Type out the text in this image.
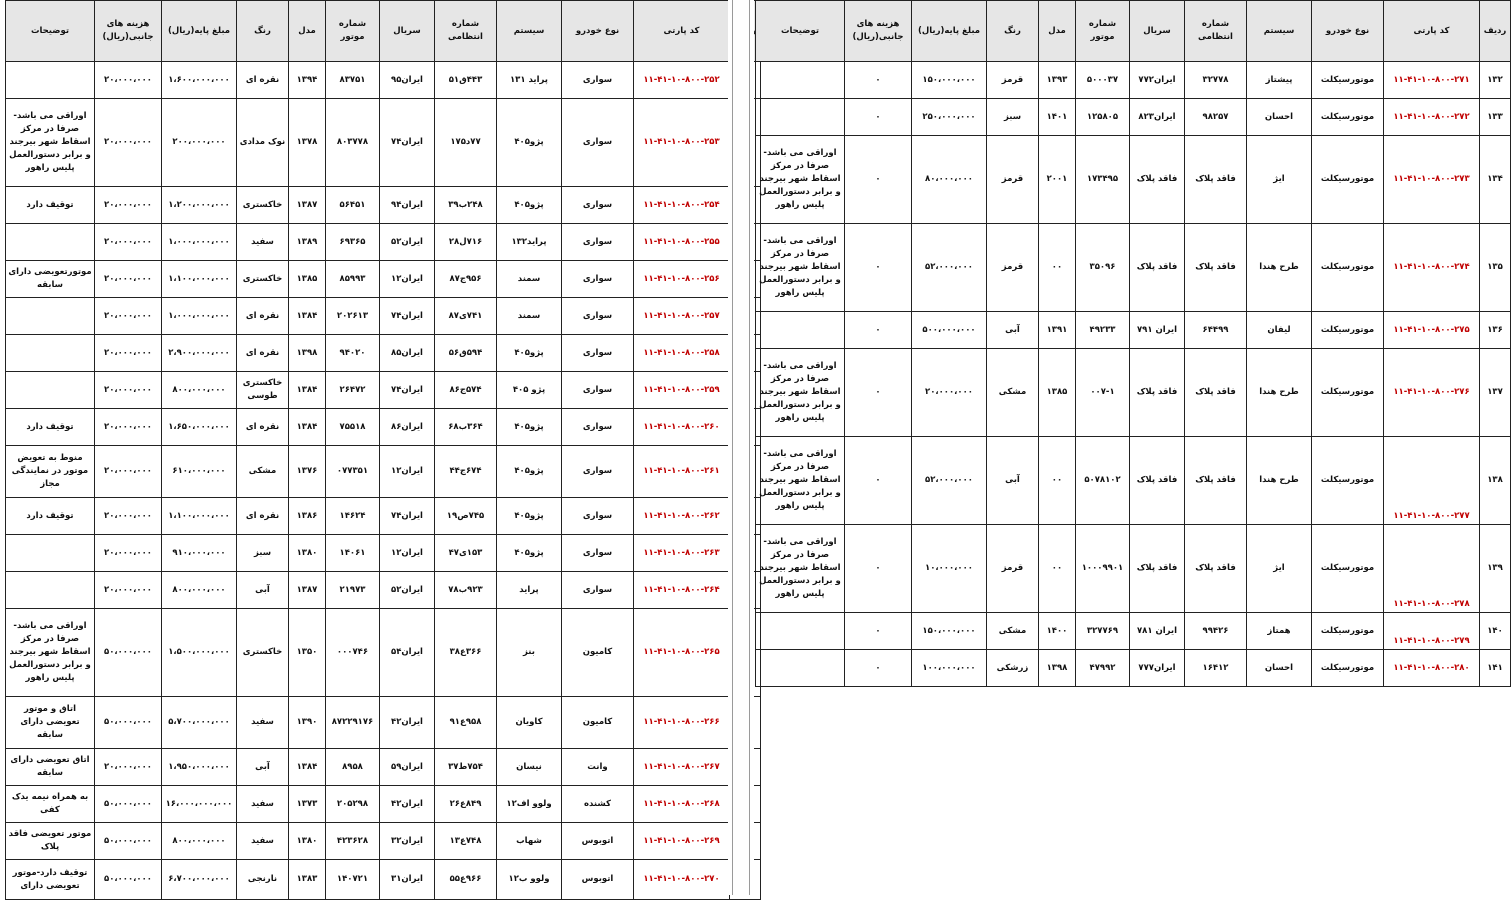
	کد پارتی	نوع خودرو	سیستم	شماره انتظامی	سریال	شماره موتور	مدل	رنگ	مبلغ پایه(ریال)	هزینه های جانبی(ریال)	توضیحات
	۱۱-۴۱-۱۰-۸۰۰-۲۵۲	سواری	پراید ۱۳۱	۴۴۳ق۵۱	ایران۹۵	۸۳۷۵۱	۱۳۹۴	نقره ای	۱،۶۰۰،۰۰۰،۰۰۰	۲۰،۰۰۰،۰۰۰	
	۱۱-۴۱-۱۰-۸۰۰-۲۵۳	سواری	پژو۴۰۵	۷۷د۱۷۵	ایران۷۴	۸۰۳۷۷۸	۱۳۷۸	نوک مدادی	۲۰۰،۰۰۰،۰۰۰	۲۰،۰۰۰،۰۰۰	اوراقی می باشد- صرفا در مرکز اسقاط شهر بیرجند و برابر دستورالعمل پلیس راهور
	۱۱-۴۱-۱۰-۸۰۰-۲۵۴	سواری	پژو۴۰۵	۲۴۸ب۳۹	ایران۹۴	۵۶۴۵۱	۱۳۸۷	خاکستری	۱،۲۰۰،۰۰۰،۰۰۰	۲۰،۰۰۰،۰۰۰	توقیف دارد
	۱۱-۴۱-۱۰-۸۰۰-۲۵۵	سواری	پراید۱۳۲	۷۱۶ل۲۸	ایران۵۲	۶۹۳۶۵	۱۳۸۹	سفید	۱،۰۰۰،۰۰۰،۰۰۰	۲۰،۰۰۰،۰۰۰	
	۱۱-۴۱-۱۰-۸۰۰-۲۵۶	سواری	سمند	۹۵۶ج۸۷	ایران۱۲	۸۵۹۹۳	۱۳۸۵	خاکستری	۱،۱۰۰،۰۰۰،۰۰۰	۲۰،۰۰۰،۰۰۰	موتورتعویضی دارای سابقه
	۱۱-۴۱-۱۰-۸۰۰-۲۵۷	سواری	سمند	۷۴۱ی۸۷	ایران۷۴	۲۰۲۶۱۳	۱۳۸۴	نقره ای	۱،۰۰۰،۰۰۰،۰۰۰	۲۰،۰۰۰،۰۰۰	
	۱۱-۴۱-۱۰-۸۰۰-۲۵۸	سواری	پژو۴۰۵	۵۹۴ق۵۶	ایران۸۵	۹۴۰۲۰	۱۳۹۸	نقره ای	۲،۹۰۰،۰۰۰،۰۰۰	۲۰،۰۰۰،۰۰۰	
	۱۱-۴۱-۱۰-۸۰۰-۲۵۹	سواری	پژو ۴۰۵	۵۷۴ج۸۶	ایران۷۴	۲۶۴۷۲	۱۳۸۴	خاکستری طوسی	۸۰۰،۰۰۰،۰۰۰	۲۰،۰۰۰،۰۰۰	
	۱۱-۴۱-۱۰-۸۰۰-۲۶۰	سواری	پژو۴۰۵	۳۶۴ب۶۸	ایران۸۶	۷۵۵۱۸	۱۳۸۴	نقره ای	۱،۶۵۰،۰۰۰،۰۰۰	۲۰،۰۰۰،۰۰۰	توقیف دارد
	۱۱-۴۱-۱۰-۸۰۰-۲۶۱	سواری	پژو۴۰۵	۶۷۴ج۴۴	ایران۱۲	۰۷۷۳۵۱	۱۳۷۶	مشکی	۶۱۰،۰۰۰،۰۰۰	۲۰،۰۰۰،۰۰۰	منوط به تعویض موتور در نمایندگی مجاز
	۱۱-۴۱-۱۰-۸۰۰-۲۶۲	سواری	پژو۴۰۵	۷۴۵ص۱۹	ایران۷۴	۱۴۶۲۴	۱۳۸۶	نقره ای	۱،۱۰۰،۰۰۰،۰۰۰	۲۰،۰۰۰،۰۰۰	توقیف دارد
	۱۱-۴۱-۱۰-۸۰۰-۲۶۳	سواری	پژو۴۰۵	۱۵۳ی۴۷	ایران۱۲	۱۴۰۶۱	۱۳۸۰	سبز	۹۱۰،۰۰۰،۰۰۰	۲۰،۰۰۰،۰۰۰	
	۱۱-۴۱-۱۰-۸۰۰-۲۶۴	سواری	پراید	۹۲۳ب۷۸	ایران۵۲	۲۱۹۷۳	۱۳۸۷	آبی	۸۰۰،۰۰۰،۰۰۰	۲۰،۰۰۰،۰۰۰	
	۱۱-۴۱-۱۰-۸۰۰-۲۶۵	کامیون	بنز	۳۶۶ع۳۸	ایران۵۴	۰۰۰۷۴۶	۱۳۵۰	خاکستری	۱،۵۰۰،۰۰۰،۰۰۰	۵۰،۰۰۰،۰۰۰	اوراقی می باشد- صرفا در مرکز اسقاط شهر بیرجند و برابر دستورالعمل پلیس راهور
	۱۱-۴۱-۱۰-۸۰۰-۲۶۶	کامیون	کاویان	۹۵۸ع۹۱	ایران۴۲	۸۷۲۲۹۱۷۶	۱۳۹۰	سفید	۵،۷۰۰،۰۰۰،۰۰۰	۵۰،۰۰۰،۰۰۰	اتاق و موتور تعویضی دارای سابقه
	۱۱-۴۱-۱۰-۸۰۰-۲۶۷	وانت	نیسان	۷۵۴ط۳۷	ایران۵۹	۸۹۵۸	۱۳۸۴	آبی	۱،۹۵۰،۰۰۰،۰۰۰	۲۰،۰۰۰،۰۰۰	اتاق تعویضی دارای سابقه
	۱۱-۴۱-۱۰-۸۰۰-۲۶۸	کشنده	ولوو اف۱۲	۸۴۹ع۲۶	ایران۴۲	۲۰۵۲۹۸	۱۳۷۳	سفید	۱۶،۰۰۰،۰۰۰،۰۰۰	۵۰،۰۰۰،۰۰۰	به همراه نیمه یدک کفی
	۱۱-۴۱-۱۰-۸۰۰-۲۶۹	اتوبوس	شهاب	۷۴۸ع۱۳	ایران۳۲	۴۲۳۶۲۸	۱۳۸۰	سفید	۸۰۰،۰۰۰،۰۰۰	۵۰،۰۰۰،۰۰۰	موتور تعویضی فاقد پلاک
	۱۱-۴۱-۱۰-۸۰۰-۲۷۰	اتوبوس	ولوو ب۱۲	۹۶۶ع۵۵	ایران۳۱	۱۴۰۷۲۱	۱۳۸۳	نارنجی	۶،۷۰۰،۰۰۰،۰۰۰	۵۰،۰۰۰،۰۰۰	توقیف دارد-موتور تعویضی دارای
ردیف	کد پارتی	نوع خودرو	سیستم	شماره انتظامی	سریال	شماره موتور	مدل	رنگ	مبلغ پایه(ریال)	هزینه های جانبی(ریال)	توضیحات
۱۳۲	۱۱-۴۱-۱۰-۸۰۰-۲۷۱	موتورسیکلت	پیشتاز	۳۲۷۷۸	ایران۷۷۲	۵۰۰۰۳۷	۱۳۹۳	قرمز	۱۵۰،۰۰۰،۰۰۰	۰	
۱۳۳	۱۱-۴۱-۱۰-۸۰۰-۲۷۲	موتورسیکلت	احسان	۹۸۲۵۷	ایران۸۲۳	۱۲۵۸۰۵	۱۴۰۱	سبز	۲۵۰،۰۰۰،۰۰۰	۰	
۱۳۴	۱۱-۴۱-۱۰-۸۰۰-۲۷۳	موتورسیکلت	ایژ	فاقد پلاک	فاقد پلاک	۱۷۳۴۹۵	۲۰۰۱	قرمز	۸۰،۰۰۰،۰۰۰	۰	اوراقی می باشد- صرفا در مرکز اسقاط شهر بیرجند و برابر دستورالعمل پلیس راهور
۱۳۵	۱۱-۴۱-۱۰-۸۰۰-۲۷۴	موتورسیکلت	طرح هندا	فاقد پلاک	فاقد پلاک	۳۵۰۹۶	۰۰	قرمز	۵۲،۰۰۰،۰۰۰	۰	اوراقی می باشد- صرفا در مرکز اسقاط شهر بیرجند و برابر دستورالعمل پلیس راهور
۱۳۶	۱۱-۴۱-۱۰-۸۰۰-۲۷۵	موتورسیکلت	لیفان	۶۴۴۹۹	ایران ۷۹۱	۴۹۲۳۳	۱۳۹۱	آبی	۵۰۰،۰۰۰،۰۰۰	۰	
۱۳۷	۱۱-۴۱-۱۰-۸۰۰-۲۷۶	موتورسیکلت	طرح هندا	فاقد پلاک	فاقد پلاک	۰۰۷-۱	۱۳۸۵	مشکی	۲۰،۰۰۰،۰۰۰	۰	اوراقی می باشد- صرفا در مرکز اسقاط شهر بیرجند و برابر دستورالعمل پلیس راهور
۱۳۸	۱۱-۴۱-۱۰-۸۰۰-۲۷۷	موتورسیکلت	طرح هندا	فاقد پلاک	فاقد پلاک	۵۰۷۸۱۰۲	۰۰	آبی	۵۲،۰۰۰،۰۰۰	۰	اوراقی می باشد- صرفا در مرکز اسقاط شهر بیرجند و برابر دستورالعمل پلیس راهور
۱۳۹	۱۱-۴۱-۱۰-۸۰۰-۲۷۸	موتورسیکلت	ایژ	فاقد پلاک	فاقد پلاک	۱۰۰۰۹۹۰۱	۰۰	قرمز	۱۰،۰۰۰،۰۰۰	۰	اوراقی می باشد- صرفا در مرکز اسقاط شهر بیرجند و برابر دستورالعمل پلیس راهور
۱۴۰	۱۱-۴۱-۱۰-۸۰۰-۲۷۹	موتورسیکلت	همتاز	۹۹۴۲۶	ایران ۷۸۱	۳۲۷۷۶۹	۱۴۰۰	مشکی	۱۵۰،۰۰۰،۰۰۰	۰	
۱۴۱	۱۱-۴۱-۱۰-۸۰۰-۲۸۰	موتورسیکلت	احسان	۱۶۴۱۲	ایران۷۷۷	۴۷۹۹۲	۱۳۹۸	زرشکی	۱۰۰،۰۰۰،۰۰۰	۰	
